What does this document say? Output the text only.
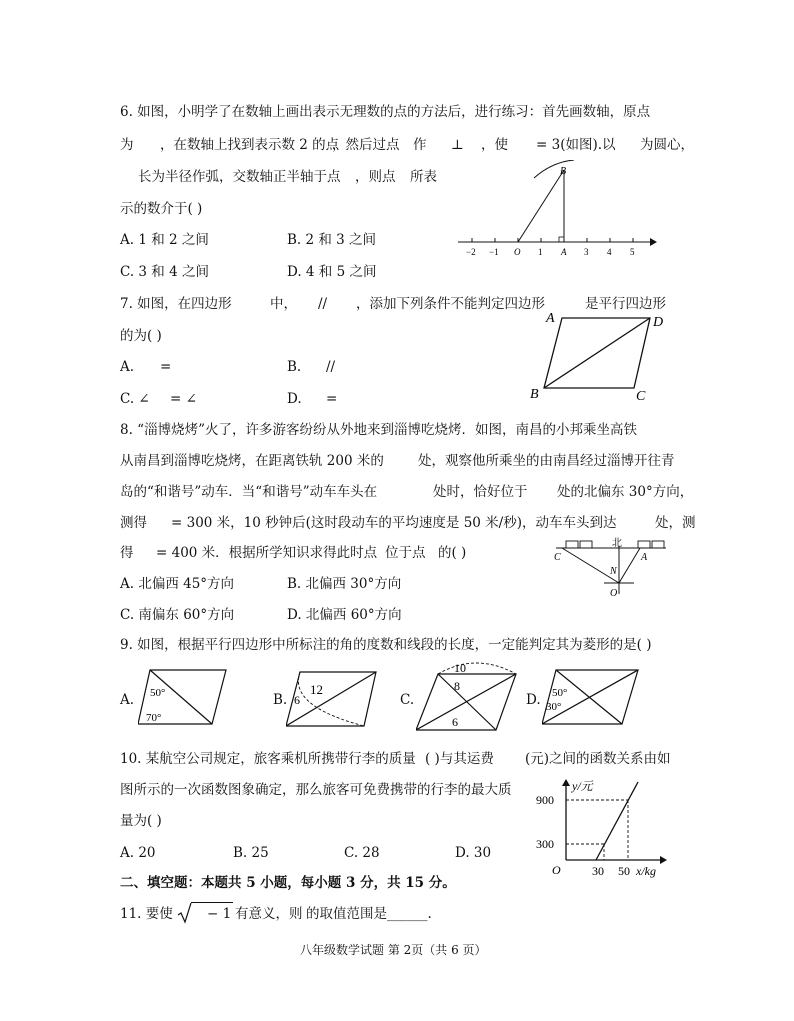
6. 如图，小明学了在数轴上画出表示无理数的点的方法后，进行练习：首先画数轴，原点
为 ，在数轴上找到表示数 2 的点
，然后过点 作 ⊥ ，使 = 3(如图).以 为圆心，
长为半径作弧，交数轴正半轴于点 ，则点 所表
示的数介于( )
A. 1 和 2 之间	B. 2 和 3 之间
C. 3 和 4 之间	D. 4 和 5 之间
B
−2 −1 O 1 A 3 4 5
7. 如图，在四边形	中， // ，添加下列条件不能判定四边形	是平行四边形
的为( )
A. =	B. //
C. ∠ = ∠	D. =
A	D
B	C
8. “淄博烧烤”火了，许多游客纷纷从外地来到淄博吃烧烤．如图，南昌的小邦乘坐高铁
从南昌到淄博吃烧烤，在距离铁轨 200 米的	处，观察他所乘坐的由南昌经过淄博开往青
岛的“和谐号”动车．当“和谐号”动车车头在	处时，恰好位于 处的北偏东 30°方向，
测得 = 300 米，10 秒钟后(这时段动车的平均速度是 50 米/秒)，动车车头到达	处，测
得 = 400 米．根据所学知识求得此时点 位于点 的( )
A. 北偏西 45°方向	B. 北偏西 30°方向
C. 南偏东 60°方向	D. 北偏西 60°方向
C
北
A
N
O
9. 如图，根据平行四边形中所标注的角的度数和线段的长度，一定能判定其为菱形的是( )
A. 50°
70°
B. 6
12
C.
10
8
6
D. 50°
30°
10. 某航空公司规定，旅客乘机所携带行李的质量 ( )与其运费 (元)之间的函数关系由如
图所示的一次函数图象确定，那么旅客可免费携带的行李的最大质
量为( )
A. 20	B. 25	C. 28	D. 30
y/元
900
300
O	30 50 x/kg
二、填空题：本题共 5 小题，每小题 3 分，共 15 分。
11. 要使	− 1 有意义，则 的取值范围是______.
八年级数学试题 第 2页（共 6 页）
